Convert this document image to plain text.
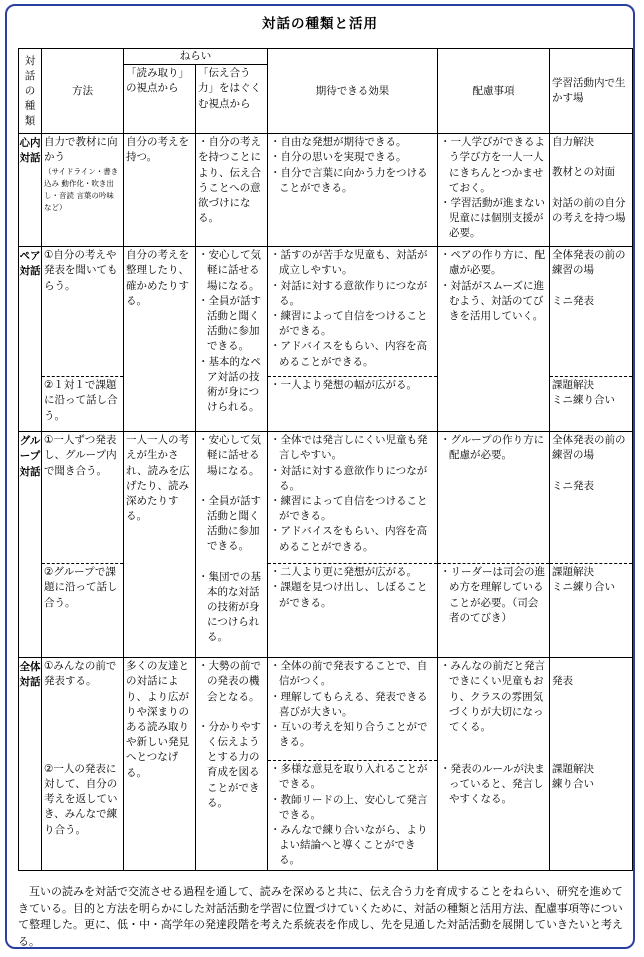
対話の種類と活用
対話の種類	方法	ねらい		期待できる効果	配慮事項	学習活動内で生かす場
		「読み取り」の視点から	「伝え合う力」をはぐくむ視点から			
心内対話	自力で教材に向かう
（サイドライン・書き込み 動作化・吹き出し・音読 言葉の吟味など）	自分の考えを持つ。	・自分の考えを持つことにより、伝え合うことへの意欲づけになる。	・自由な発想が期待できる。
・自分の思いを実現できる。
・自分で言葉に向かう力をつけることができる。	・一人学びができるよう学び方を一人一人にきちんとつかませておく。
・学習活動が進まない児童には個別支援が必要。	自力解決
教材との対面
対話の前の自分の考えを持つ場

ペア対話	①自分の考えや発表を聞いてもらう。	自分の考えを整理したり、確かめたりする。	・安心して気軽に話せる場になる。
・全員が話す活動と聞く活動に参加できる。
・基本的なペア対話の技術が身につけられる。	・話すのが苦手な児童も、対話が成立しやすい。
・対話に対する意欲作りにつながる。
・練習によって自信をつけることができる。
・アドバイスをもらい、内容を高めることができる。	・ペアの作り方に、配慮が必要。
・対話がスムーズに進むよう、対話のてびきを活用していく。	全体発表の前の練習の場
ミニ発表

	②１対１で課題に沿って話し合う。			・一人より発想の幅が広がる。		課題解決
ミニ練り合い

グループ対話	①一人ずつ発表し、グループ内で聞き合う。	一人一人の考えが生かされ、読みを広げたり、読み深めたりする。	・安心して気軽に話せる場になる。
・全員が話す活動と聞く活動に参加できる。
・集団での基本的な対話の技術が身につけられる。	・全体では発言しにくい児童も発言しやすい。
・対話に対する意欲作りにつながる。
・練習によって自信をつけることができる。
・アドバイスをもらい、内容を高めることができる。	・グループの作り方に配慮が必要。	全体発表の前の練習の場
ミニ発表

	②グループで課題に沿って話し合う。			・二人より更に発想が広がる。
・課題を見つけ出し、しぼることができる。	・リーダーは司会の進め方を理解していることが必要。（司会者のてびき）	課題解決
ミニ練り合い

全体対話	①みんなの前で発表する。	多くの友達との対話により、より広がりや深まりのある読み取りや新しい発見へとつなげる。	・大勢の前での発表の機会となる。
・分かりやすく伝えようとする力の育成を図ることができる。	・全体の前で発表することで、自信がつく。
・理解してもらえる、発表できる喜びが大きい。
・互いの考えを知り合うことができる。	・みんなの前だと発言できにくい児童もおり、クラスの雰囲気づくりが大切になってくる。	発表

	②一人の発表に対して、自分の考えを返していき、みんなで練り合う。			・多様な意見を取り入れることができる。
・教師リードの上、安心して発言できる。
・みんなで練り合いながら、よりよい結論へと導くことができる。	・発表のルールが決まっていると、発言しやすくなる。	課題解決
練り合い
互いの読みを対話で交流させる過程を通して、読みを深めると共に、伝え合う力を育成することをねらい、研究を進めてきている。目的と方法を明らかにした対話活動を学習に位置づけていくために、対話の種類と活用方法、配慮事項等について整理した。更に、低・中・高学年の発達段階を考えた系統表を作成し、先を見通した対話活動を展開していきたいと考える。
